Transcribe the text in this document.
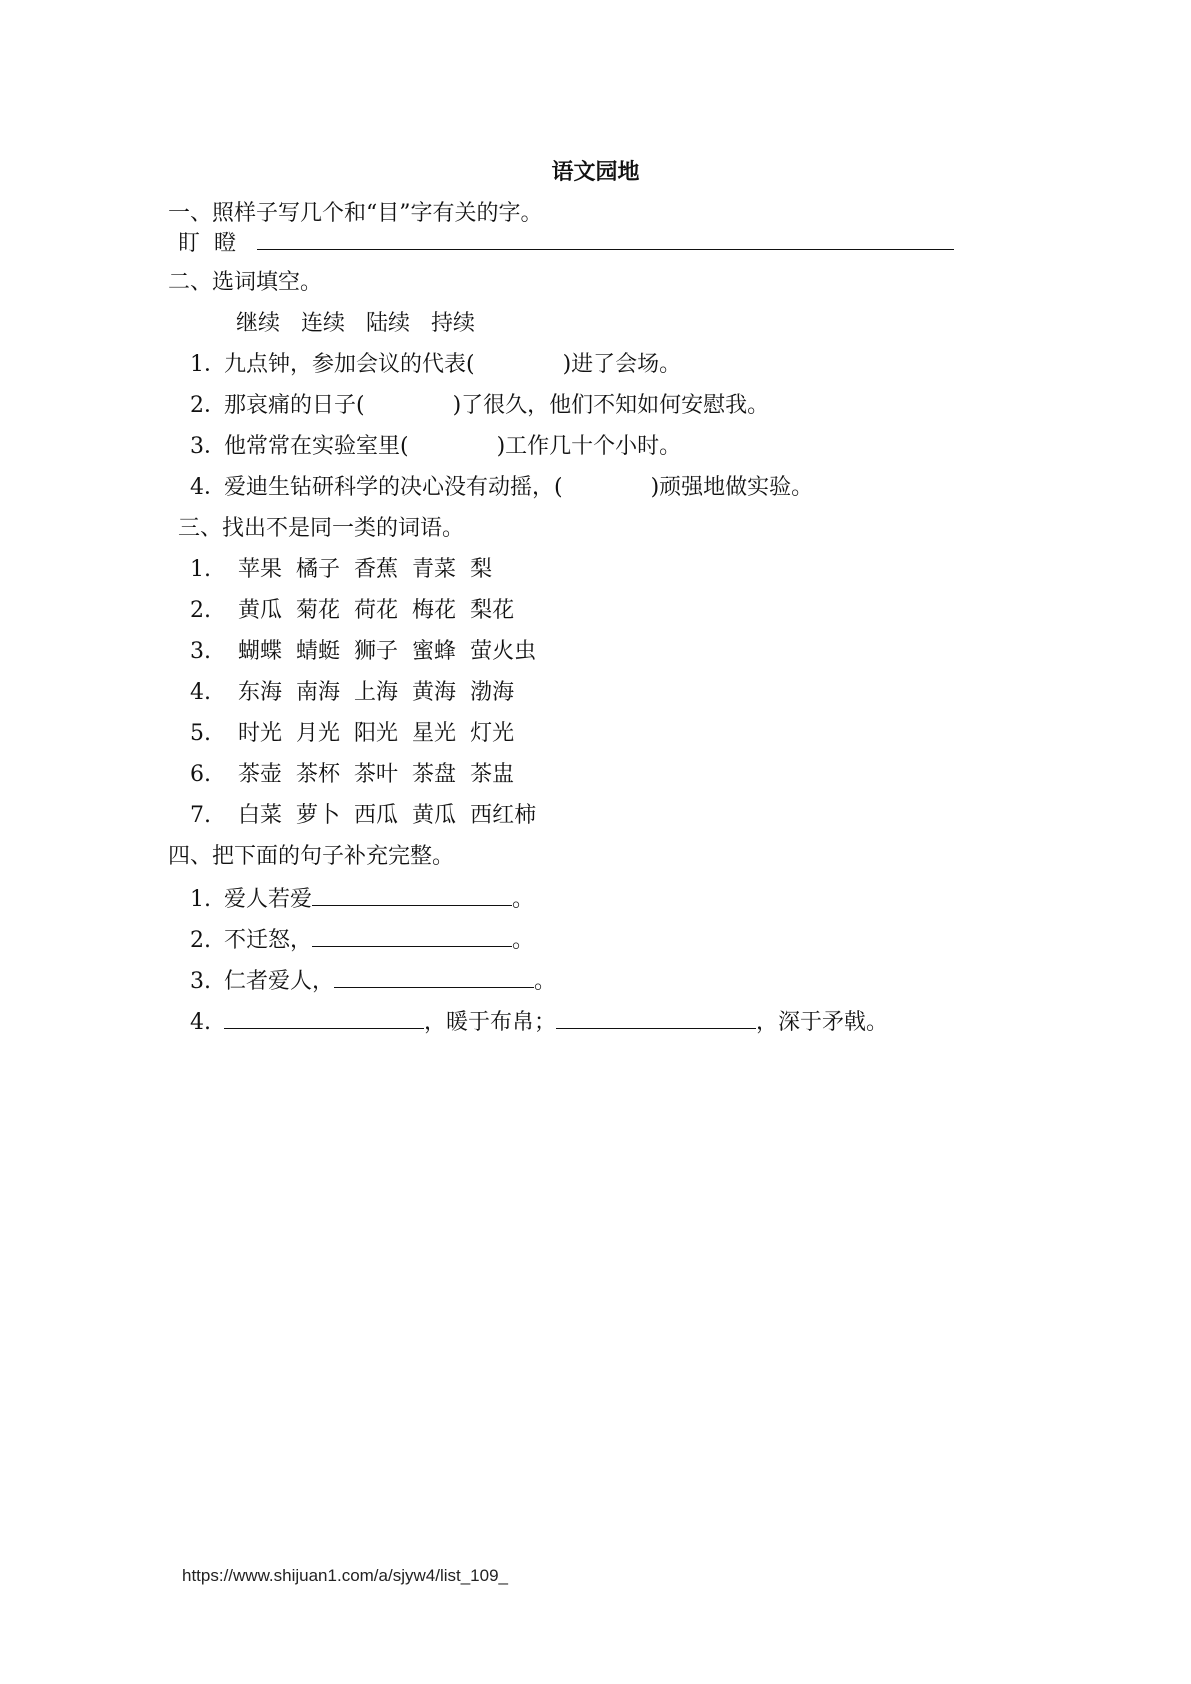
语文园地
一、照样子写几个和“目”字有关的字。
盯  瞪
二、选词填空。
继续 连续 陆续 持续
1．九点钟，参加会议的代表(	)进了会场。
2．那哀痛的日子(	)了很久，他们不知如何安慰我。
3．他常常在实验室里(	)工作几十个小时。
4．爱迪生钻研科学的决心没有动摇，(	)顽强地做实验。
三、找出不是同一类的词语。
1. 苹果 橘子 香蕉 青菜 梨
2. 黄瓜 菊花 荷花 梅花 梨花
3. 蝴蝶 蜻蜓 狮子 蜜蜂 萤火虫
4. 东海 南海 上海 黄海 渤海
5. 时光 月光 阳光 星光 灯光
6. 茶壶 茶杯 茶叶 茶盘 茶盅
7. 白菜 萝卜 西瓜 黄瓜 西红柿
四、把下面的句子补充完整。
1. 爱人若爱	。
2. 不迁怒，	。
3. 仁者爱人，	。
4.	，暖于布帛；	，深于矛戟。
https://www.shijuan1.com/a/sjyw4/list_109_
